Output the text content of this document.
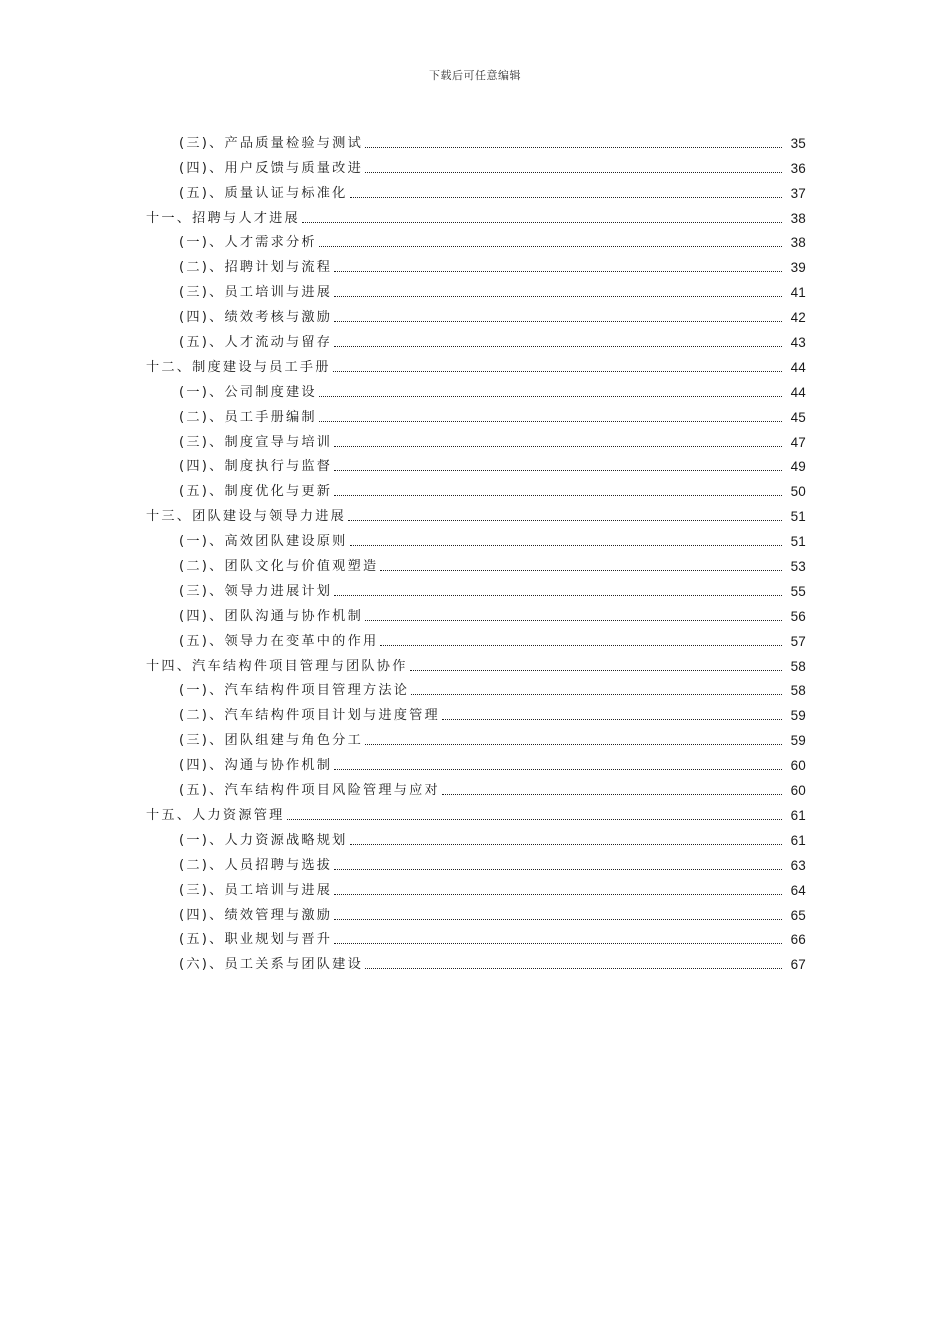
下载后可任意编辑
(三)、产品质量检验与测试	35
(四)、用户反馈与质量改进	36
(五)、质量认证与标准化	37
十一、招聘与人才进展	38
(一)、人才需求分析	38
(二)、招聘计划与流程	39
(三)、员工培训与进展	41
(四)、绩效考核与激励	42
(五)、人才流动与留存	43
十二、制度建设与员工手册	44
(一)、公司制度建设	44
(二)、员工手册编制	45
(三)、制度宣导与培训	47
(四)、制度执行与监督	49
(五)、制度优化与更新	50
十三、团队建设与领导力进展	51
(一)、高效团队建设原则	51
(二)、团队文化与价值观塑造	53
(三)、领导力进展计划	55
(四)、团队沟通与协作机制	56
(五)、领导力在变革中的作用	57
十四、汽车结构件项目管理与团队协作	58
(一)、汽车结构件项目管理方法论	58
(二)、汽车结构件项目计划与进度管理	59
(三)、团队组建与角色分工	59
(四)、沟通与协作机制	60
(五)、汽车结构件项目风险管理与应对	60
十五、人力资源管理	61
(一)、人力资源战略规划	61
(二)、人员招聘与选拔	63
(三)、员工培训与进展	64
(四)、绩效管理与激励	65
(五)、职业规划与晋升	66
(六)、员工关系与团队建设	67
